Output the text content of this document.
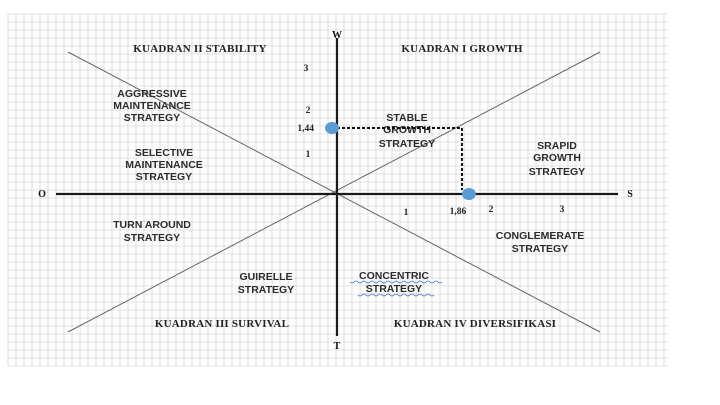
W
T
O	S
1	2	3
1
2
3
KUADRAN II STABILITY	KUADRAN I GROWTH
KUADRAN III SURVIVAL	KUADRAN IV DIVERSIFIKASI
AGGRESSIVE
MAINTENANCE
STRATEGY
SELECTIVE
MAINTENANCE
STRATEGY
TURN AROUND
STRATEGY
STABLE
GROWTH
STRATEGY	SRAPID
GROWTH
STRATEGY
CONGLEMERATE
STRATEGY
GUIRELLE
STRATEGY
CONCENTRIC
STRATEGY
1,44
1,86
